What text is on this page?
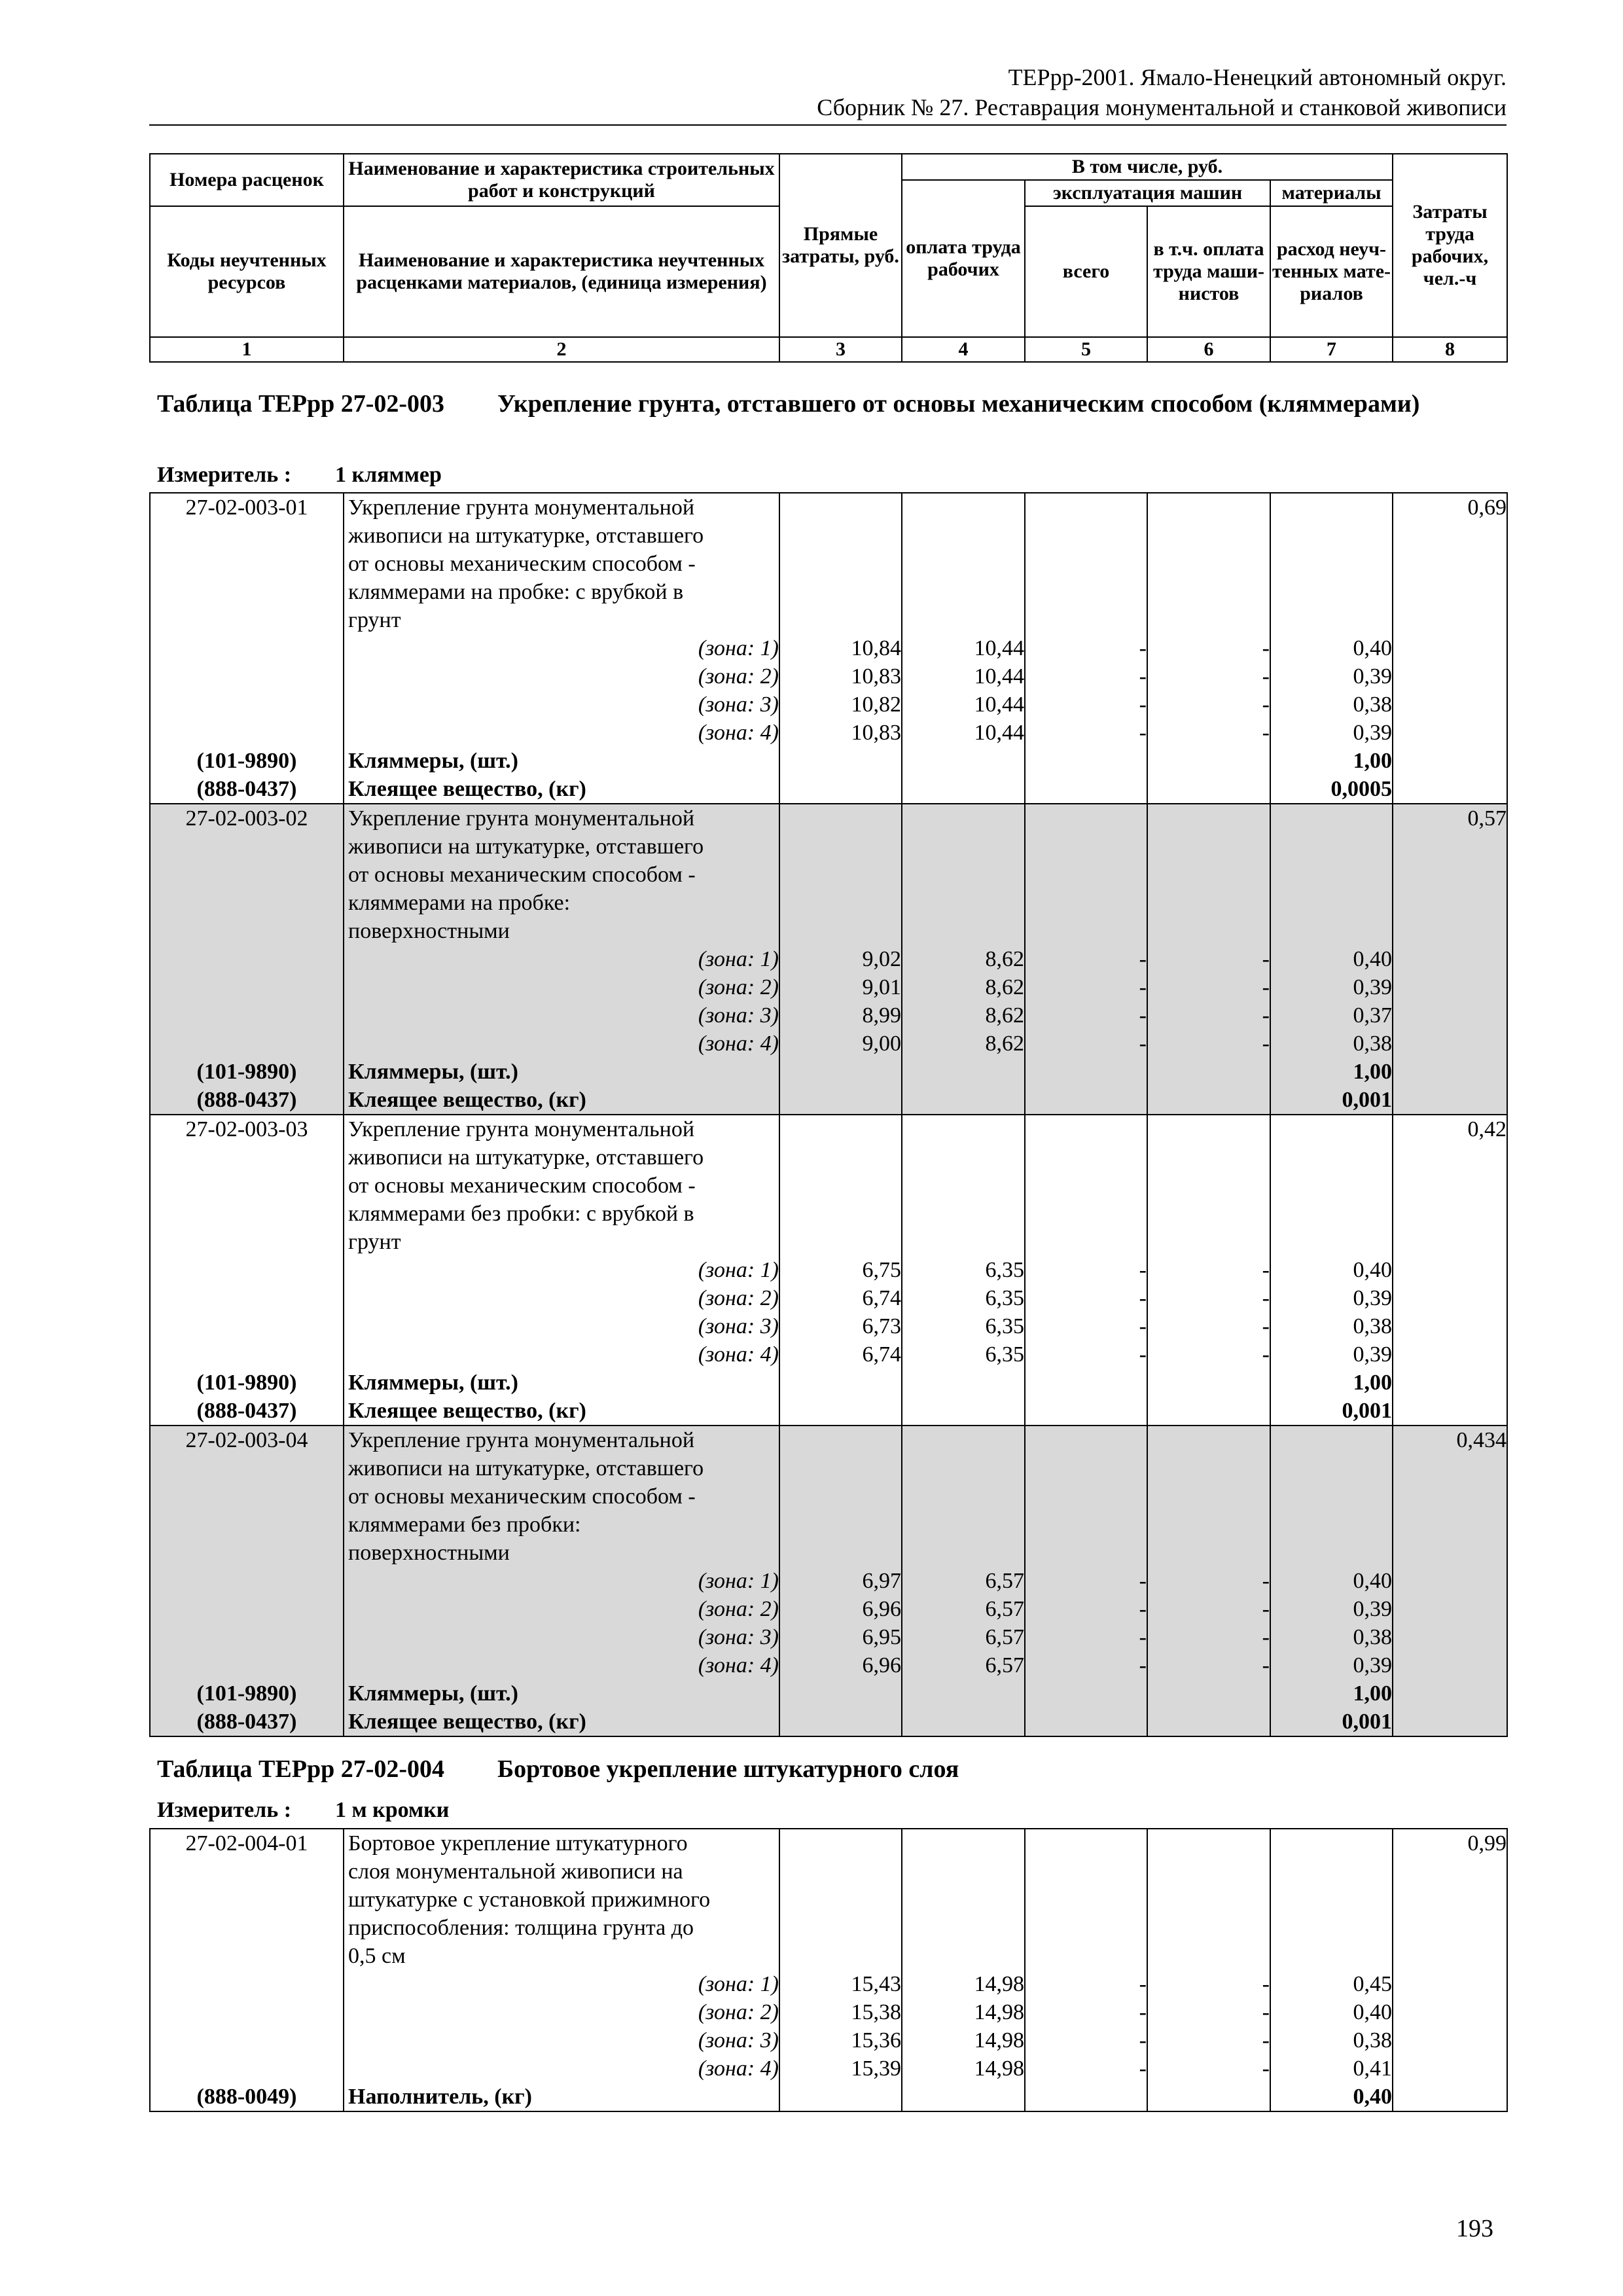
ТЕРрр-2001. Ямало-Ненецкий автономный округ.
Сборник № 27. Реставрация монументальной и станковой живописи
Номера расценок	Наименование и характеристика строительных работ и конструкций	Прямые затраты, руб.	В том числе, руб.				Затраты труда рабочих, чел.-ч
			оплата труда рабочих	эксплуатация машин		материалы	
Коды неучтенных ресурсов	Наименование и характеристика неучтенных расценками материалов, (единица измерения)			всего	в т.ч. оплата труда маши-нистов	расход неуч-тенных мате-риалов	

1	2	3	4	5	6	7	8
Таблица ТЕРрр 27-02-003 Укрепление грунта, отставшего от основы механическим способом (кляммерами)
Измеритель : 1 кляммер
27-02-003-01	Укрепление грунта монументальной						0,69
	живописи на штукатурке, отставшего						
	от основы механическим способом -						
	кляммерами на пробке: с врубкой в						
	грунт						
	(зона: 1)	10,84	10,44	-	-	0,40	
	(зона: 2)	10,83	10,44	-	-	0,39	
	(зона: 3)	10,82	10,44	-	-	0,38	
	(зона: 4)	10,83	10,44	-	-	0,39	
(101-9890)	Кляммеры, (шт.)					1,00	
(888-0437)	Клеящее вещество, (кг)					0,0005	
27-02-003-02	Укрепление грунта монументальной						0,57
	живописи на штукатурке, отставшего						
	от основы механическим способом -						
	кляммерами на пробке:						
	поверхностными						
	(зона: 1)	9,02	8,62	-	-	0,40	
	(зона: 2)	9,01	8,62	-	-	0,39	
	(зона: 3)	8,99	8,62	-	-	0,37	
	(зона: 4)	9,00	8,62	-	-	0,38	
(101-9890)	Кляммеры, (шт.)					1,00	
(888-0437)	Клеящее вещество, (кг)					0,001	
27-02-003-03	Укрепление грунта монументальной						0,42
	живописи на штукатурке, отставшего						
	от основы механическим способом -						
	кляммерами без пробки: с врубкой в						
	грунт						
	(зона: 1)	6,75	6,35	-	-	0,40	
	(зона: 2)	6,74	6,35	-	-	0,39	
	(зона: 3)	6,73	6,35	-	-	0,38	
	(зона: 4)	6,74	6,35	-	-	0,39	
(101-9890)	Кляммеры, (шт.)					1,00	
(888-0437)	Клеящее вещество, (кг)					0,001	
27-02-003-04	Укрепление грунта монументальной						0,434
	живописи на штукатурке, отставшего						
	от основы механическим способом -						
	кляммерами без пробки:						
	поверхностными						
	(зона: 1)	6,97	6,57	-	-	0,40	
	(зона: 2)	6,96	6,57	-	-	0,39	
	(зона: 3)	6,95	6,57	-	-	0,38	
	(зона: 4)	6,96	6,57	-	-	0,39	
(101-9890)	Кляммеры, (шт.)					1,00	
(888-0437)	Клеящее вещество, (кг)					0,001	
Таблица ТЕРрр 27-02-004 Бортовое укрепление штукатурного слоя
Измеритель : 1 м кромки
27-02-004-01	Бортовое укрепление штукатурного						0,99
	слоя монументальной живописи на						
	штукатурке с установкой прижимного						
	приспособления: толщина грунта до						
	0,5 см						
	(зона: 1)	15,43	14,98	-	-	0,45	
	(зона: 2)	15,38	14,98	-	-	0,40	
	(зона: 3)	15,36	14,98	-	-	0,38	
	(зона: 4)	15,39	14,98	-	-	0,41	
(888-0049)	Наполнитель, (кг)					0,40	
193
